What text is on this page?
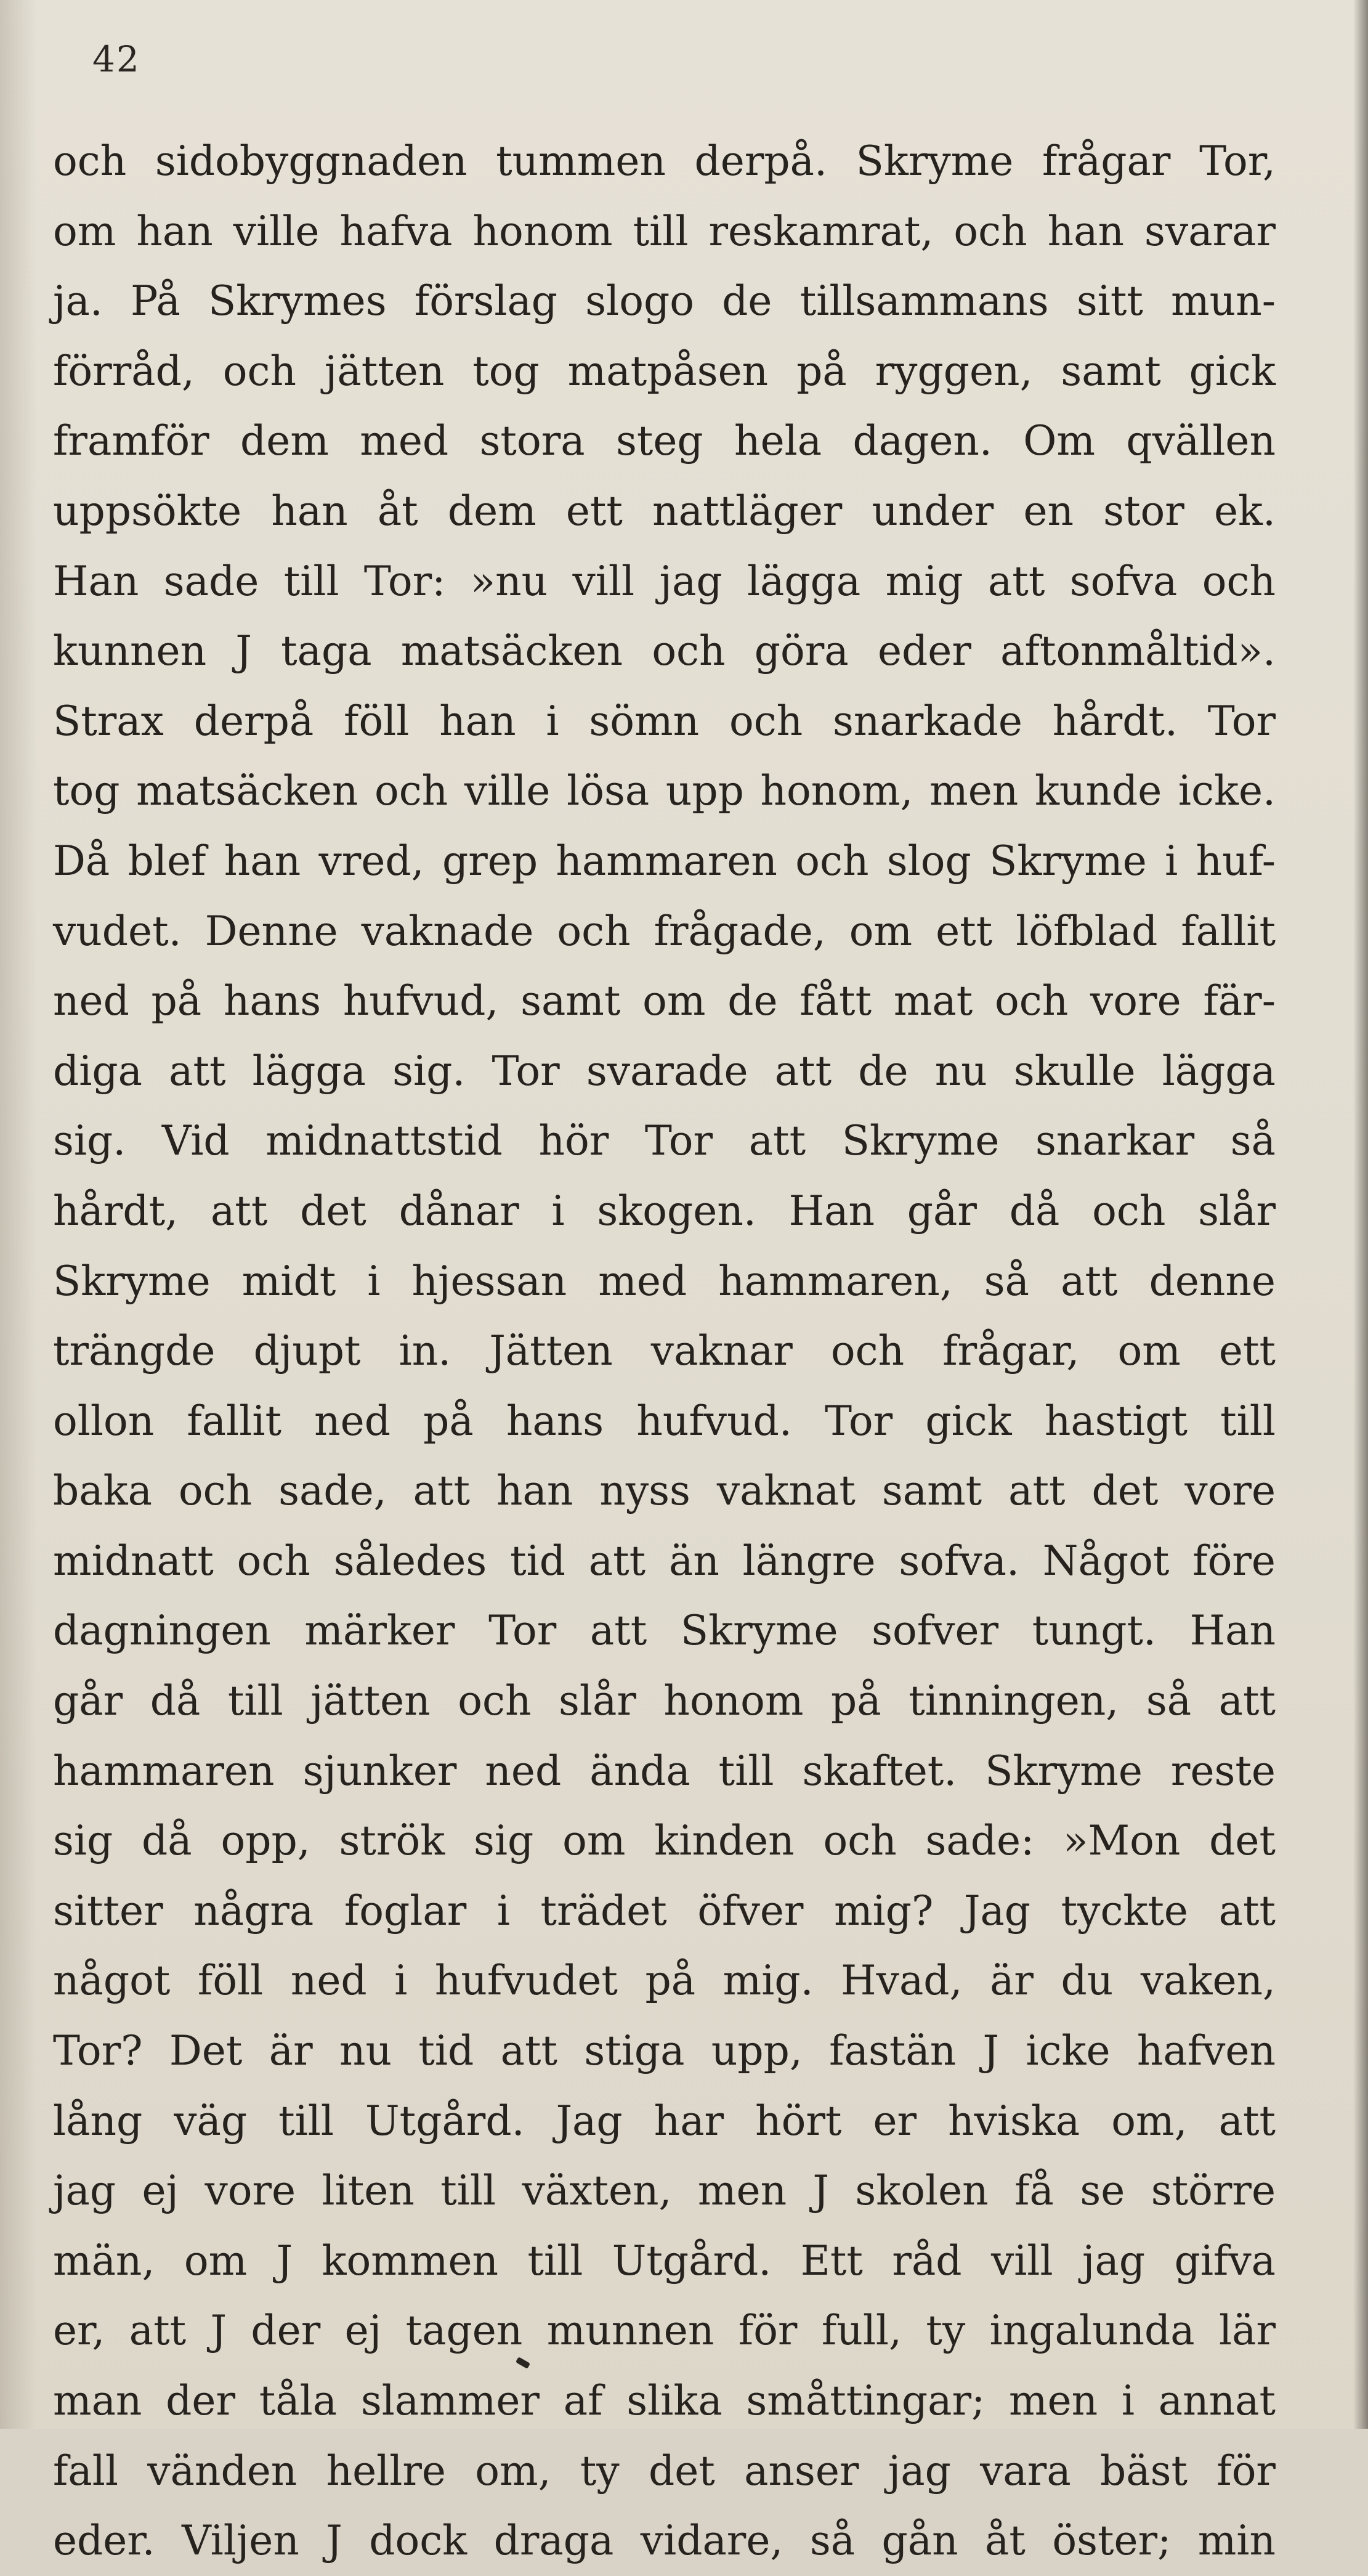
42
och sidobyggnaden tummen derpå. Skryme frågar Tor,
om han ville hafva honom till reskamrat, och han svarar
ja. På Skrymes förslag slogo de tillsammans sitt mun-
förråd, och jätten tog matpåsen på ryggen, samt gick
framför dem med stora steg hela dagen. Om qvällen
uppsökte han åt dem ett nattläger under en stor ek.
Han sade till Tor: »nu vill jag lägga mig att sofva och
kunnen J taga matsäcken och göra eder aftonmåltid».
Strax derpå föll han i sömn och snarkade hårdt. Tor
tog matsäcken och ville lösa upp honom, men kunde icke.
Då blef han vred, grep hammaren och slog Skryme i huf-
vudet. Denne vaknade och frågade, om ett löfblad fallit
ned på hans hufvud, samt om de fått mat och vore fär-
diga att lägga sig. Tor svarade att de nu skulle lägga
sig. Vid midnattstid hör Tor att Skryme snarkar så
hårdt, att det dånar i skogen. Han går då och slår
Skryme midt i hjessan med hammaren, så att denne
trängde djupt in. Jätten vaknar och frågar, om ett
ollon fallit ned på hans hufvud. Tor gick hastigt till
baka och sade, att han nyss vaknat samt att det vore
midnatt och således tid att än längre sofva. Något före
dagningen märker Tor att Skryme sofver tungt. Han
går då till jätten och slår honom på tinningen, så att
hammaren sjunker ned ända till skaftet. Skryme reste
sig då opp, strök sig om kinden och sade: »Mon det
sitter några foglar i trädet öfver mig? Jag tyckte att
något föll ned i hufvudet på mig. Hvad, är du vaken,
Tor? Det är nu tid att stiga upp, fastän J icke hafven
lång väg till Utgård. Jag har hört er hviska om, att
jag ej vore liten till växten, men J skolen få se större
män, om J kommen till Utgård. Ett råd vill jag gifva
er, att J der ej tagen munnen för full, ty ingalunda lär
man der tåla slammer af slika småttingar; men i annat
fall vänden hellre om, ty det anser jag vara bäst för
eder. Viljen J dock draga vidare, så gån åt öster; min
